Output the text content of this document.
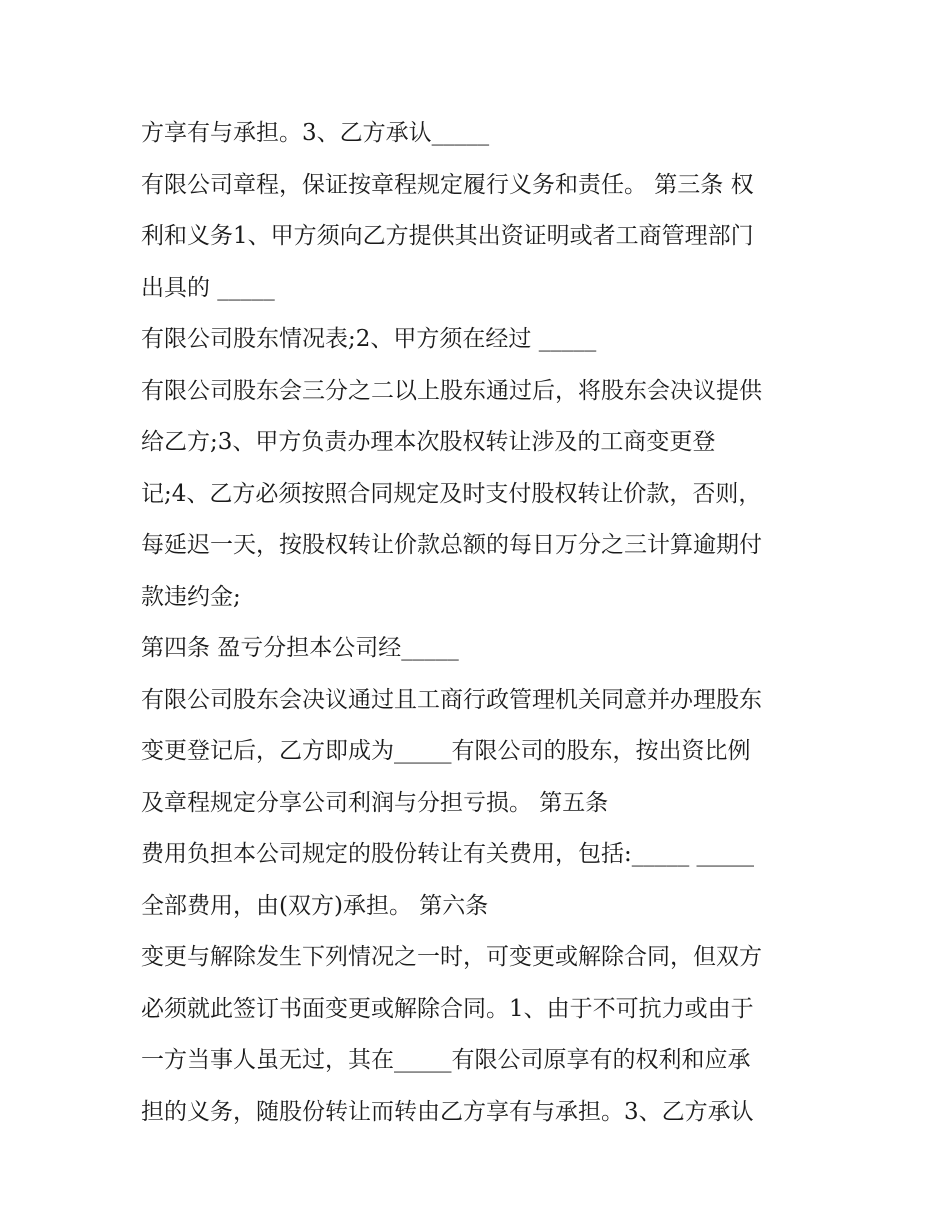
方享有与承担。3、乙方承认_____
有限公司章程，保证按章程规定履行义务和责任。 第三条 权
利和义务1、甲方须向乙方提供其出资证明或者工商管理部门
出具的 _____
有限公司股东情况表;2、甲方须在经过 _____
有限公司股东会三分之二以上股东通过后，将股东会决议提供
给乙方;3、甲方负责办理本次股权转让涉及的工商变更登
记;4、乙方必须按照合同规定及时支付股权转让价款，否则，
每延迟一天，按股权转让价款总额的每日万分之三计算逾期付
款违约金;
第四条 盈亏分担本公司经_____
有限公司股东会决议通过且工商行政管理机关同意并办理股东
变更登记后，乙方即成为_____有限公司的股东，按出资比例
及章程规定分享公司利润与分担亏损。 第五条
费用负担本公司规定的股份转让有关费用，包括:_____ _____
全部费用，由(双方)承担。 第六条
变更与解除发生下列情况之一时，可变更或解除合同，但双方
必须就此签订书面变更或解除合同。1、由于不可抗力或由于
一方当事人虽无过，其在_____有限公司原享有的权利和应承
担的义务，随股份转让而转由乙方享有与承担。3、乙方承认
